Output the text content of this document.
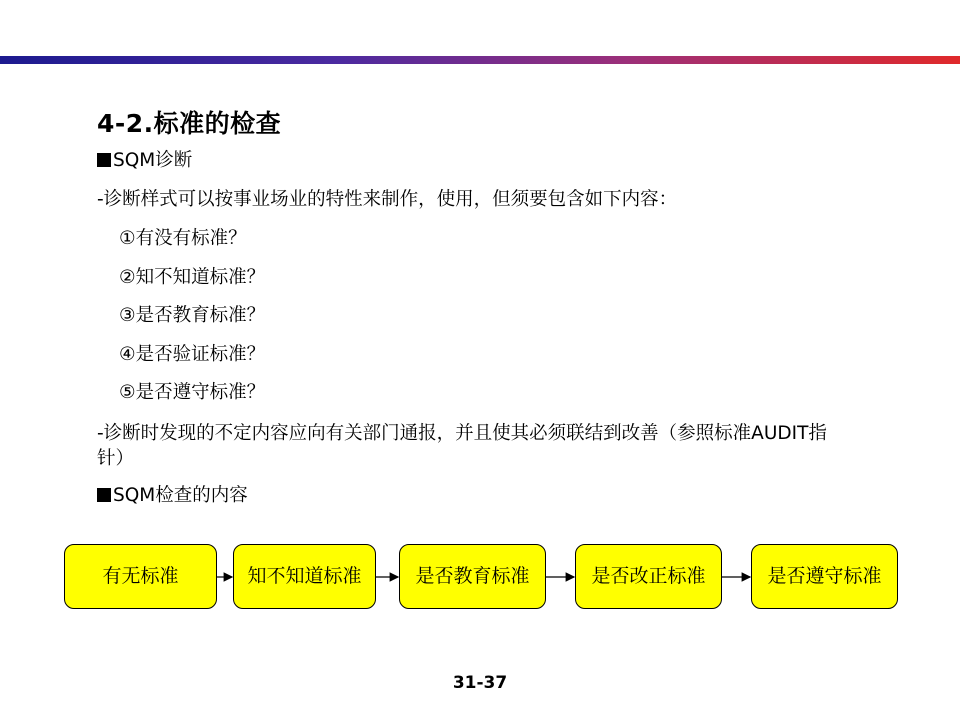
4-2.标准的检查
SQM诊断
-诊断样式可以按事业场业的特性来制作，使用，但须要包含如下内容：
①有没有标准？
②知不知道标准？
③是否教育标准？
④是否验证标准？
⑤是否遵守标准？
-诊断时发现的不定内容应向有关部门通报，并且使其必须联结到改善（参照标准AUDIT指针）
SQM检查的内容
有无标准	知不知道标准	是否教育标准	是否改正标准	是否遵守标准
31-37
